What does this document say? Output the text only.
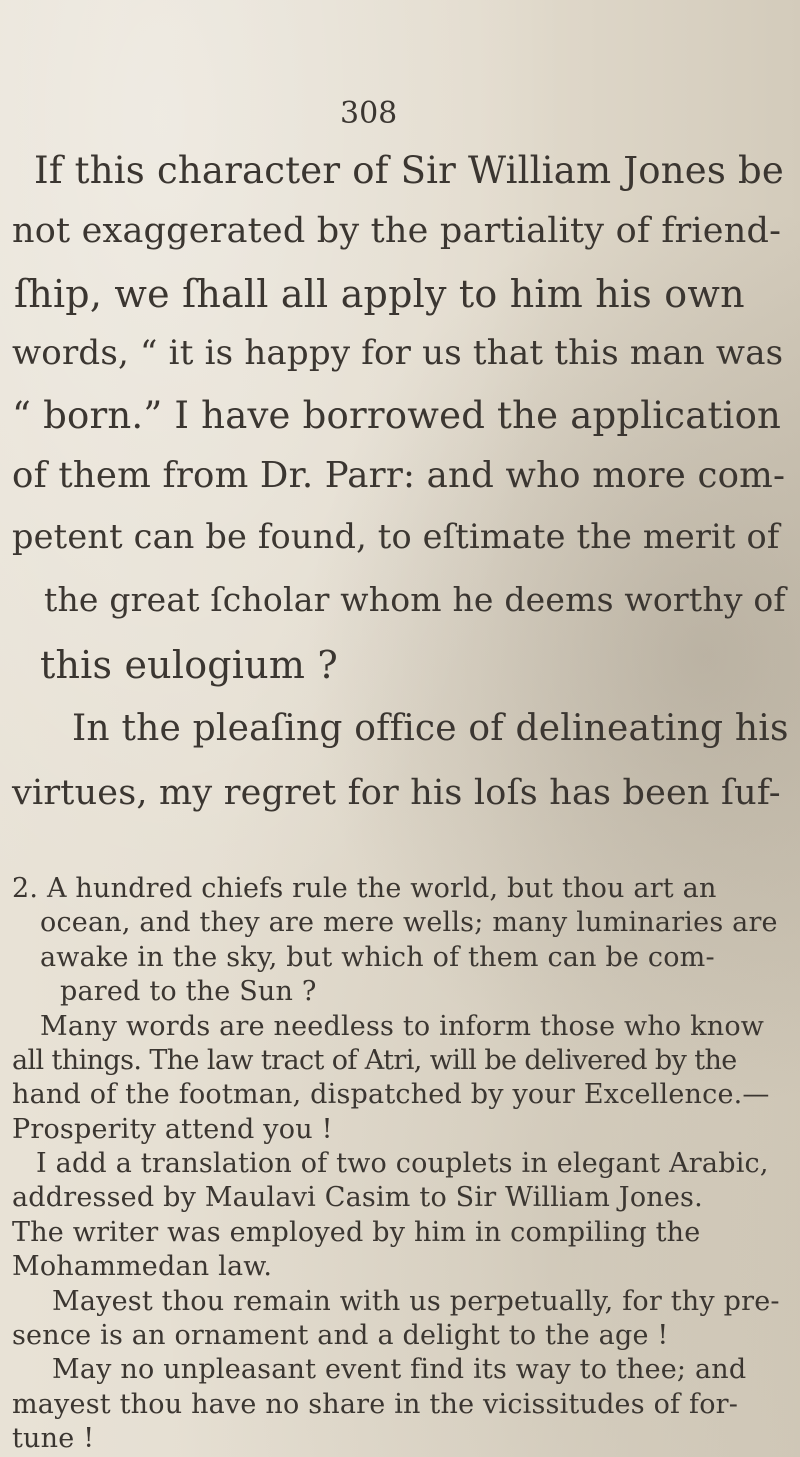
308
If this character of Sir William Jones be
not exaggerated by the partiality of friend-
ſhip, we ſhall all apply to him his own
words, “ it is happy for us that this man was
“ born.” I have borrowed the application
of them from Dr. Parr: and who more com-
petent can be found, to eſtimate the merit of
the great ſcholar whom he deems worthy of
this eulogium ?
In the pleaſing office of delineating his
virtues, my regret for his loſs has been ſuf-
2. A hundred chiefs rule the world, but thou art an
ocean, and they are mere wells; many luminaries are
awake in the sky, but which of them can be com-
pared to the Sun ?
Many words are needless to inform those who know
all things. The law tract of Atri, will be delivered by the
hand of the footman, dispatched by your Excellence.—
Prosperity attend you !
I add a translation of two couplets in elegant Arabic,
addressed by Maulavi Casim to Sir William Jones.
The writer was employed by him in compiling the
Mohammedan law.
Mayest thou remain with us perpetually, for thy pre-
sence is an ornament and a delight to the age !
May no unpleasant event find its way to thee; and
mayest thou have no share in the vicissitudes of for-
tune !
